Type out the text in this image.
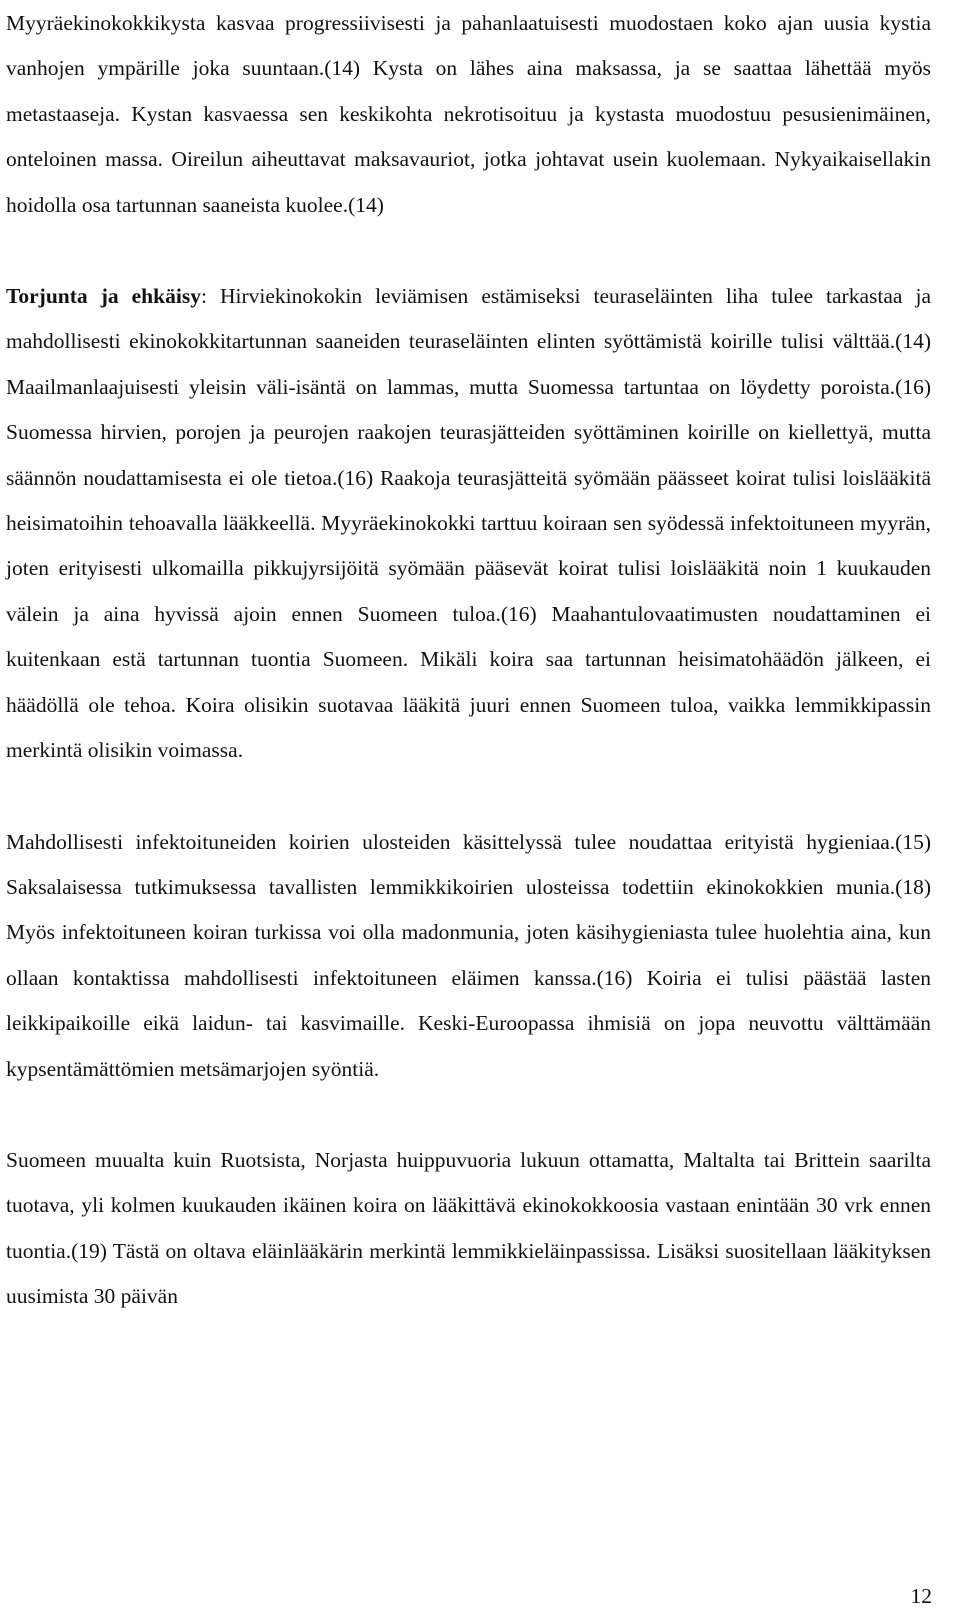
Myyräekinokokkikysta kasvaa progressiivisesti ja pahanlaatuisesti muodostaen koko ajan uusia kystia vanhojen ympärille joka suuntaan.(14) Kysta on lähes aina maksassa, ja se saattaa lähettää myös metastaaseja. Kystan kasvaessa sen keskikohta nekrotisoituu ja kystasta muodostuu pesusienimäinen, onteloinen massa. Oireilun aiheuttavat maksavauriot, jotka johtavat usein kuolemaan. Nykyaikaisellakin hoidolla osa tartunnan saaneista kuolee.(14)

Torjunta ja ehkäisy: Hirviekinokokin leviämisen estämiseksi teuraseläinten liha tulee tarkastaa ja mahdollisesti ekinokokkitartunnan saaneiden teuraseläinten elinten syöttämistä koirille tulisi välttää.(14) Maailmanlaajuisesti yleisin väli-isäntä on lammas, mutta Suomessa tartuntaa on löydetty poroista.(16) Suomessa hirvien, porojen ja peurojen raakojen teurasjätteiden syöttäminen koirille on kiellettyä, mutta säännön noudattamisesta ei ole tietoa.(16) Raakoja teurasjätteitä syömään päässeet koirat tulisi loislääkitä heisimatoihin tehoavalla lääkkeellä. Myyräekinokokki tarttuu koiraan sen syödessä infektoituneen myyrän, joten erityisesti ulkomailla pikkujyrsijöitä syömään pääsevät koirat tulisi loislääkitä noin 1 kuukauden välein ja aina hyvissä ajoin ennen Suomeen tuloa.(16) Maahantulovaatimusten noudattaminen ei kuitenkaan estä tartunnan tuontia Suomeen. Mikäli koira saa tartunnan heisimatohäädön jälkeen, ei häädöllä ole tehoa. Koira olisikin suotavaa lääkitä juuri ennen Suomeen tuloa, vaikka lemmikkipassin merkintä olisikin voimassa.

Mahdollisesti infektoituneiden koirien ulosteiden käsittelyssä tulee noudattaa erityistä hygieniaa.(15) Saksalaisessa tutkimuksessa tavallisten lemmikkikoirien ulosteissa todettiin ekinokokkien munia.(18) Myös infektoituneen koiran turkissa voi olla madonmunia, joten käsihygieniasta tulee huolehtia aina, kun ollaan kontaktissa mahdollisesti infektoituneen eläimen kanssa.(16) Koiria ei tulisi päästää lasten leikkipaikoille eikä laidun- tai kasvimaille. Keski-Euroopassa ihmisiä on jopa neuvottu välttämään kypsentämättömien metsämarjojen syöntiä.

Suomeen muualta kuin Ruotsista, Norjasta huippuvuoria lukuun ottamatta, Maltalta tai Brittein saarilta tuotava, yli kolmen kuukauden ikäinen koira on lääkittävä ekinokokkoosia vastaan enintään 30 vrk ennen tuontia.(19) Tästä on oltava eläinlääkärin merkintä lemmikkieläinpassissa. Lisäksi suositellaan lääkityksen uusimista 30 päivän

12
